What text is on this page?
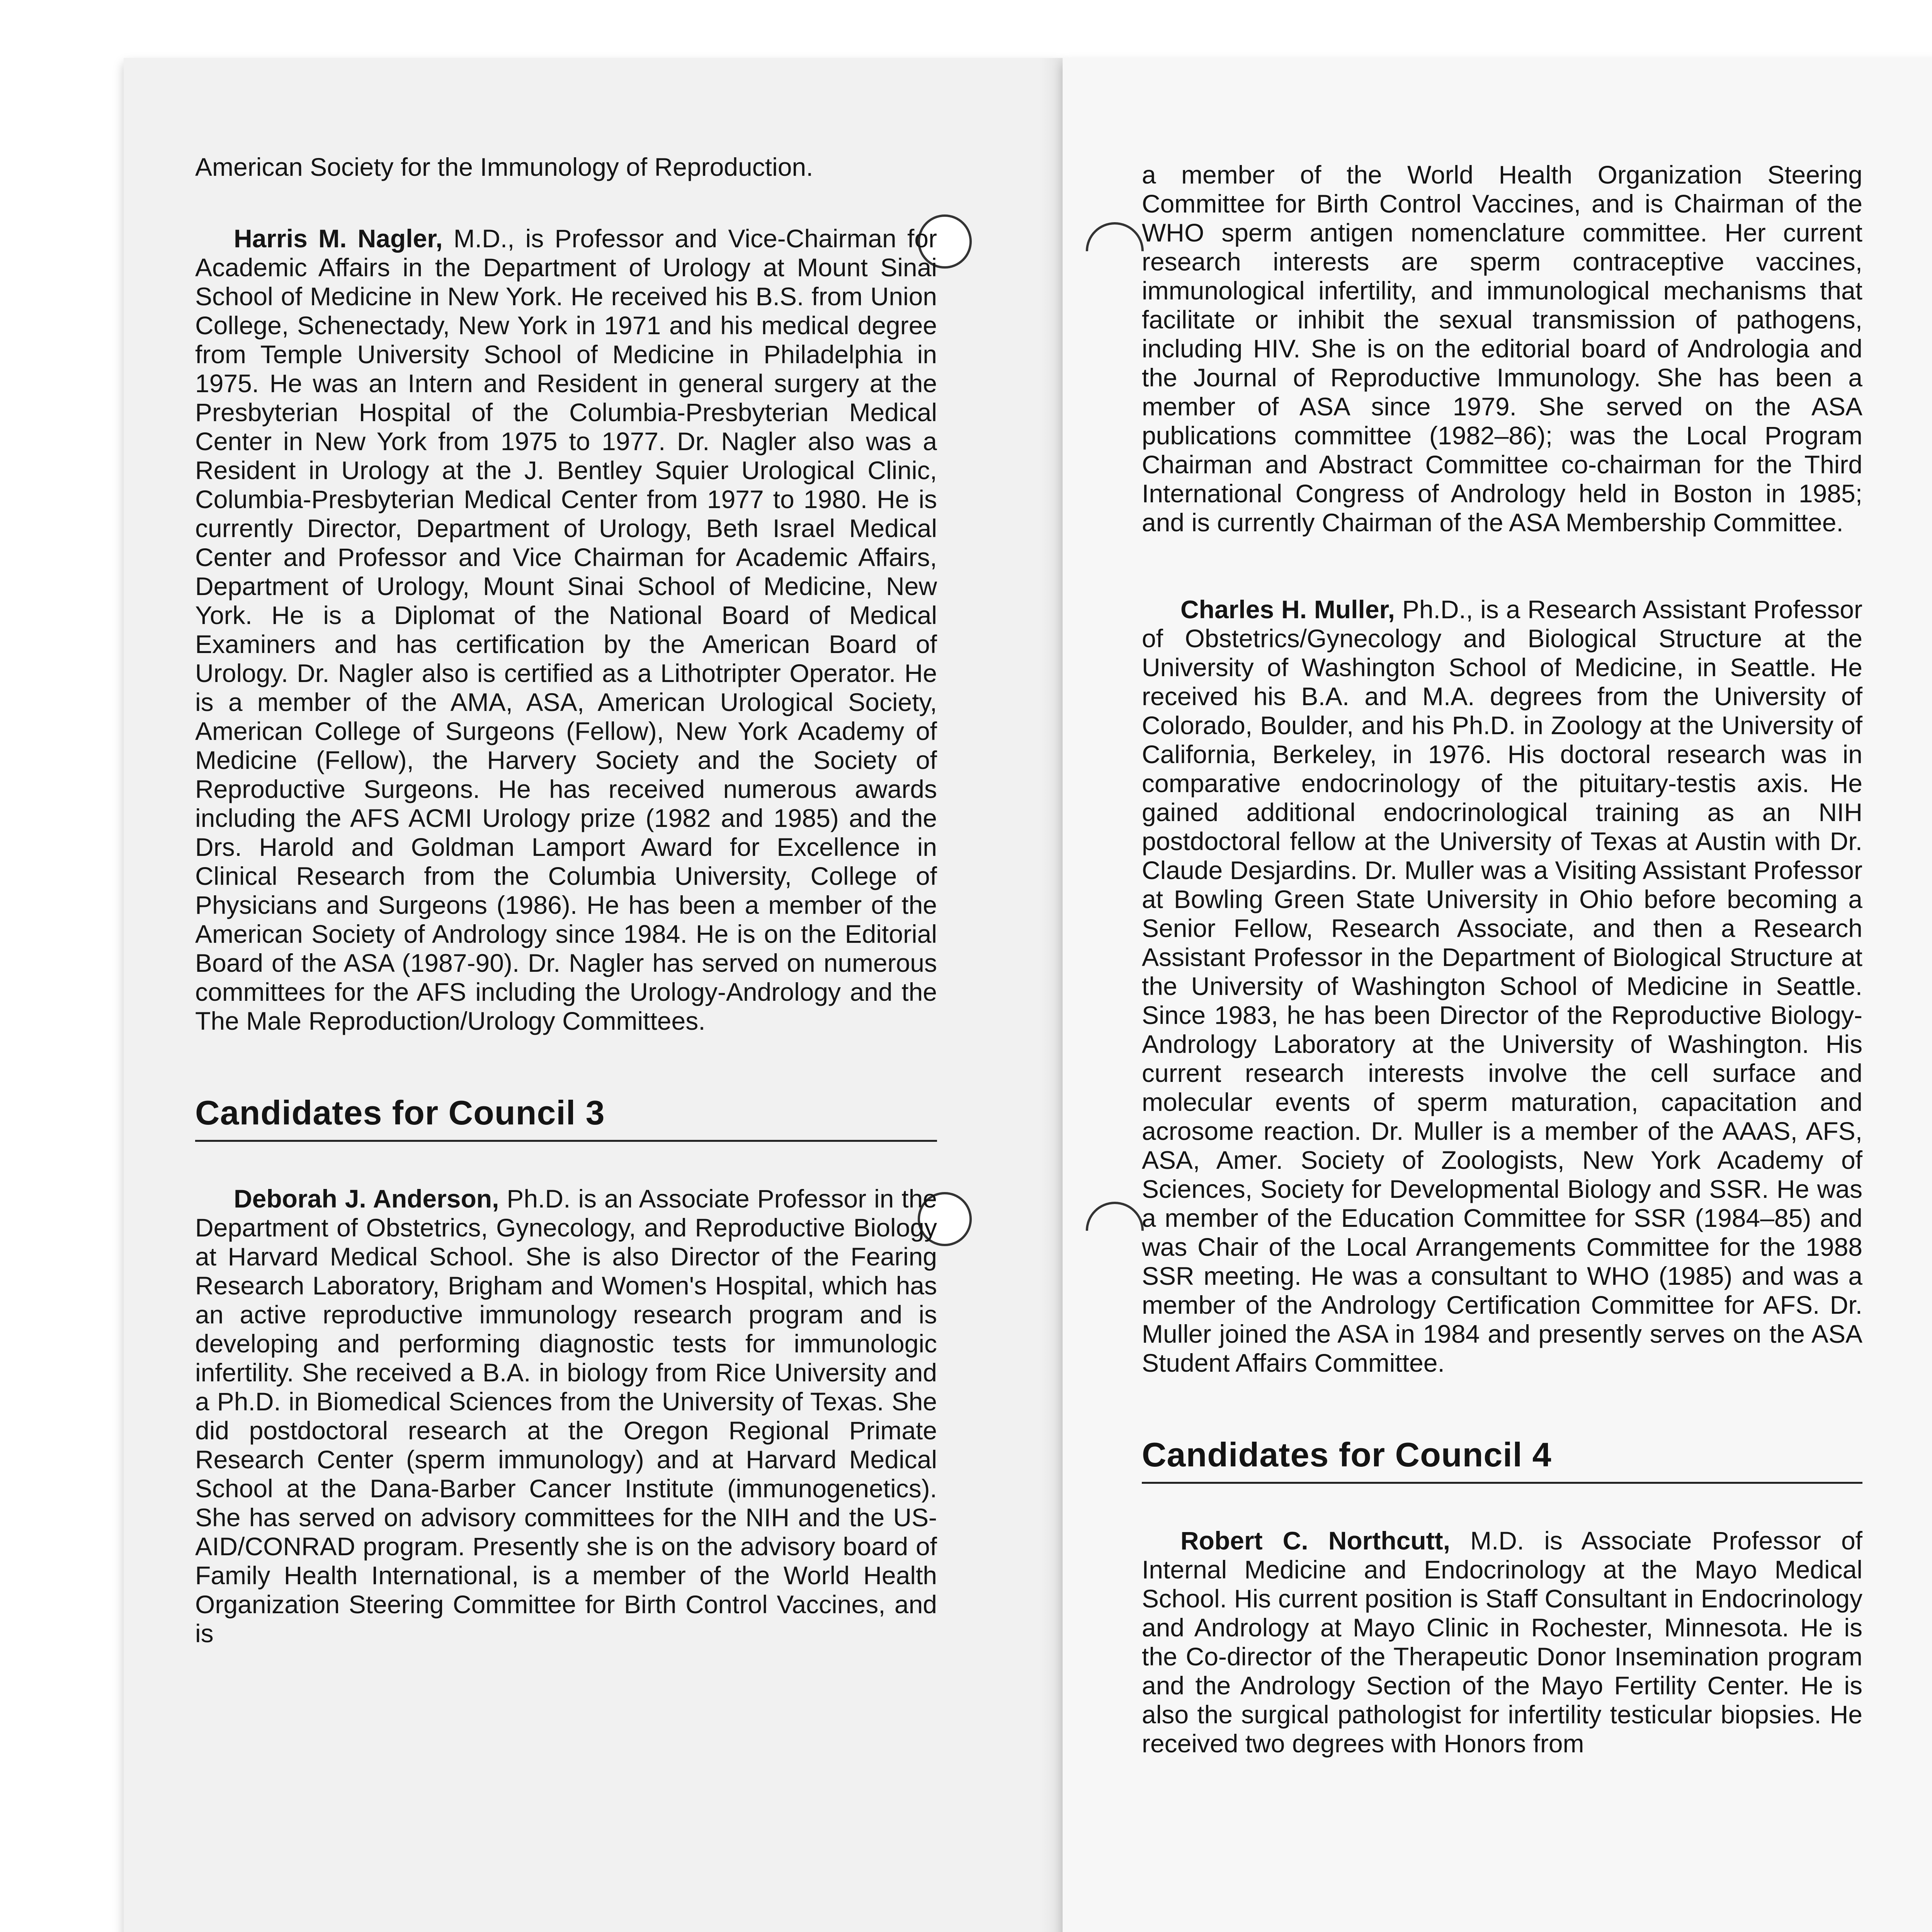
American Society for the Immunology of Reproduction.

Harris M. Nagler, M.D., is Professor and Vice-Chairman for Academic Affairs in the Department of Urology at Mount Sinai School of Medicine in New York. He received his B.S. from Union College, Schenectady, New York in 1971 and his medical degree from Temple University School of Medicine in Philadelphia in 1975. He was an Intern and Resident in general surgery at the Presbyterian Hospital of the Columbia-Presbyterian Medical Center in New York from 1975 to 1977. Dr. Nagler also was a Resident in Urology at the J. Bentley Squier Urological Clinic, Columbia-Presbyterian Medical Center from 1977 to 1980. He is currently Director, Department of Urology, Beth Israel Medical Center and Professor and Vice Chairman for Academic Affairs, Department of Urology, Mount Sinai School of Medicine, New York. He is a Diplomat of the National Board of Medical Examiners and has certification by the American Board of Urology. Dr. Nagler also is certified as a Lithotripter Operator. He is a member of the AMA, ASA, American Urological Society, American College of Surgeons (Fellow), New York Academy of Medicine (Fellow), the Harvery Society and the Society of Reproductive Surgeons. He has received numerous awards including the AFS ACMI Urology prize (1982 and 1985) and the Drs. Harold and Goldman Lamport Award for Excellence in Clinical Research from the Columbia University, College of Physicians and Surgeons (1986). He has been a member of the American Society of Andrology since 1984. He is on the Editorial Board of the ASA (1987-90). Dr. Nagler has served on numerous committees for the AFS including the Urology-Andrology and the The Male Reproduction/Urology Committees.

Candidates for Council 3

Deborah J. Anderson, Ph.D. is an Associate Professor in the Department of Obstetrics, Gynecology, and Reproductive Biology at Harvard Medical School. She is also Director of the Fearing Research Laboratory, Brigham and Women's Hospital, which has an active reproductive immunology research program and is developing and performing diagnostic tests for immunologic infertility. She received a B.A. in biology from Rice University and a Ph.D. in Biomedical Sciences from the University of Texas. She did postdoctoral research at the Oregon Regional Primate Research Center (sperm immunology) and at Harvard Medical School at the Dana-Barber Cancer Institute (immunogenetics). She has served on advisory committees for the NIH and the US-AID/CONRAD program. Presently she is on the advisory board of Family Health International, is a member of the World Health Organization Steering Committee for Birth Control Vaccines, and is

a member of the World Health Organization Steering Committee for Birth Control Vaccines, and is Chairman of the WHO sperm antigen nomenclature committee. Her current research interests are sperm contraceptive vaccines, immunological infertility, and immunological mechanisms that facilitate or inhibit the sexual transmission of pathogens, including HIV. She is on the editorial board of Andrologia and the Journal of Reproductive Immunology. She has been a member of ASA since 1979. She served on the ASA publications committee (1982–86); was the Local Program Chairman and Abstract Committee co-chairman for the Third International Congress of Andrology held in Boston in 1985; and is currently Chairman of the ASA Membership Committee.

Charles H. Muller, Ph.D., is a Research Assistant Professor of Obstetrics/Gynecology and Biological Structure at the University of Washington School of Medicine, in Seattle. He received his B.A. and M.A. degrees from the University of Colorado, Boulder, and his Ph.D. in Zoology at the University of California, Berkeley, in 1976. His doctoral research was in comparative endocrinology of the pituitary-testis axis. He gained additional endocrinological training as an NIH postdoctoral fellow at the University of Texas at Austin with Dr. Claude Desjardins. Dr. Muller was a Visiting Assistant Professor at Bowling Green State University in Ohio before becoming a Senior Fellow, Research Associate, and then a Research Assistant Professor in the Department of Biological Structure at the University of Washington School of Medicine in Seattle. Since 1983, he has been Director of the Reproductive Biology-Andrology Laboratory at the University of Washington. His current research interests involve the cell surface and molecular events of sperm maturation, capacitation and acrosome reaction. Dr. Muller is a member of the AAAS, AFS, ASA, Amer. Society of Zoologists, New York Academy of Sciences, Society for Developmental Biology and SSR. He was a member of the Education Committee for SSR (1984–85) and was Chair of the Local Arrangements Committee for the 1988 SSR meeting. He was a consultant to WHO (1985) and was a member of the Andrology Certification Committee for AFS. Dr. Muller joined the ASA in 1984 and presently serves on the ASA Student Affairs Committee.

Candidates for Council 4

Robert C. Northcutt, M.D. is Associate Professor of Internal Medicine and Endocrinology at the Mayo Medical School. His current position is Staff Consultant in Endocrinology and Andrology at Mayo Clinic in Rochester, Minnesota. He is the Co-director of the Therapeutic Donor Insemination program and the Andrology Section of the Mayo Fertility Center. He is also the surgical pathologist for infertility testicular biopsies. He received two degrees with Honors from
